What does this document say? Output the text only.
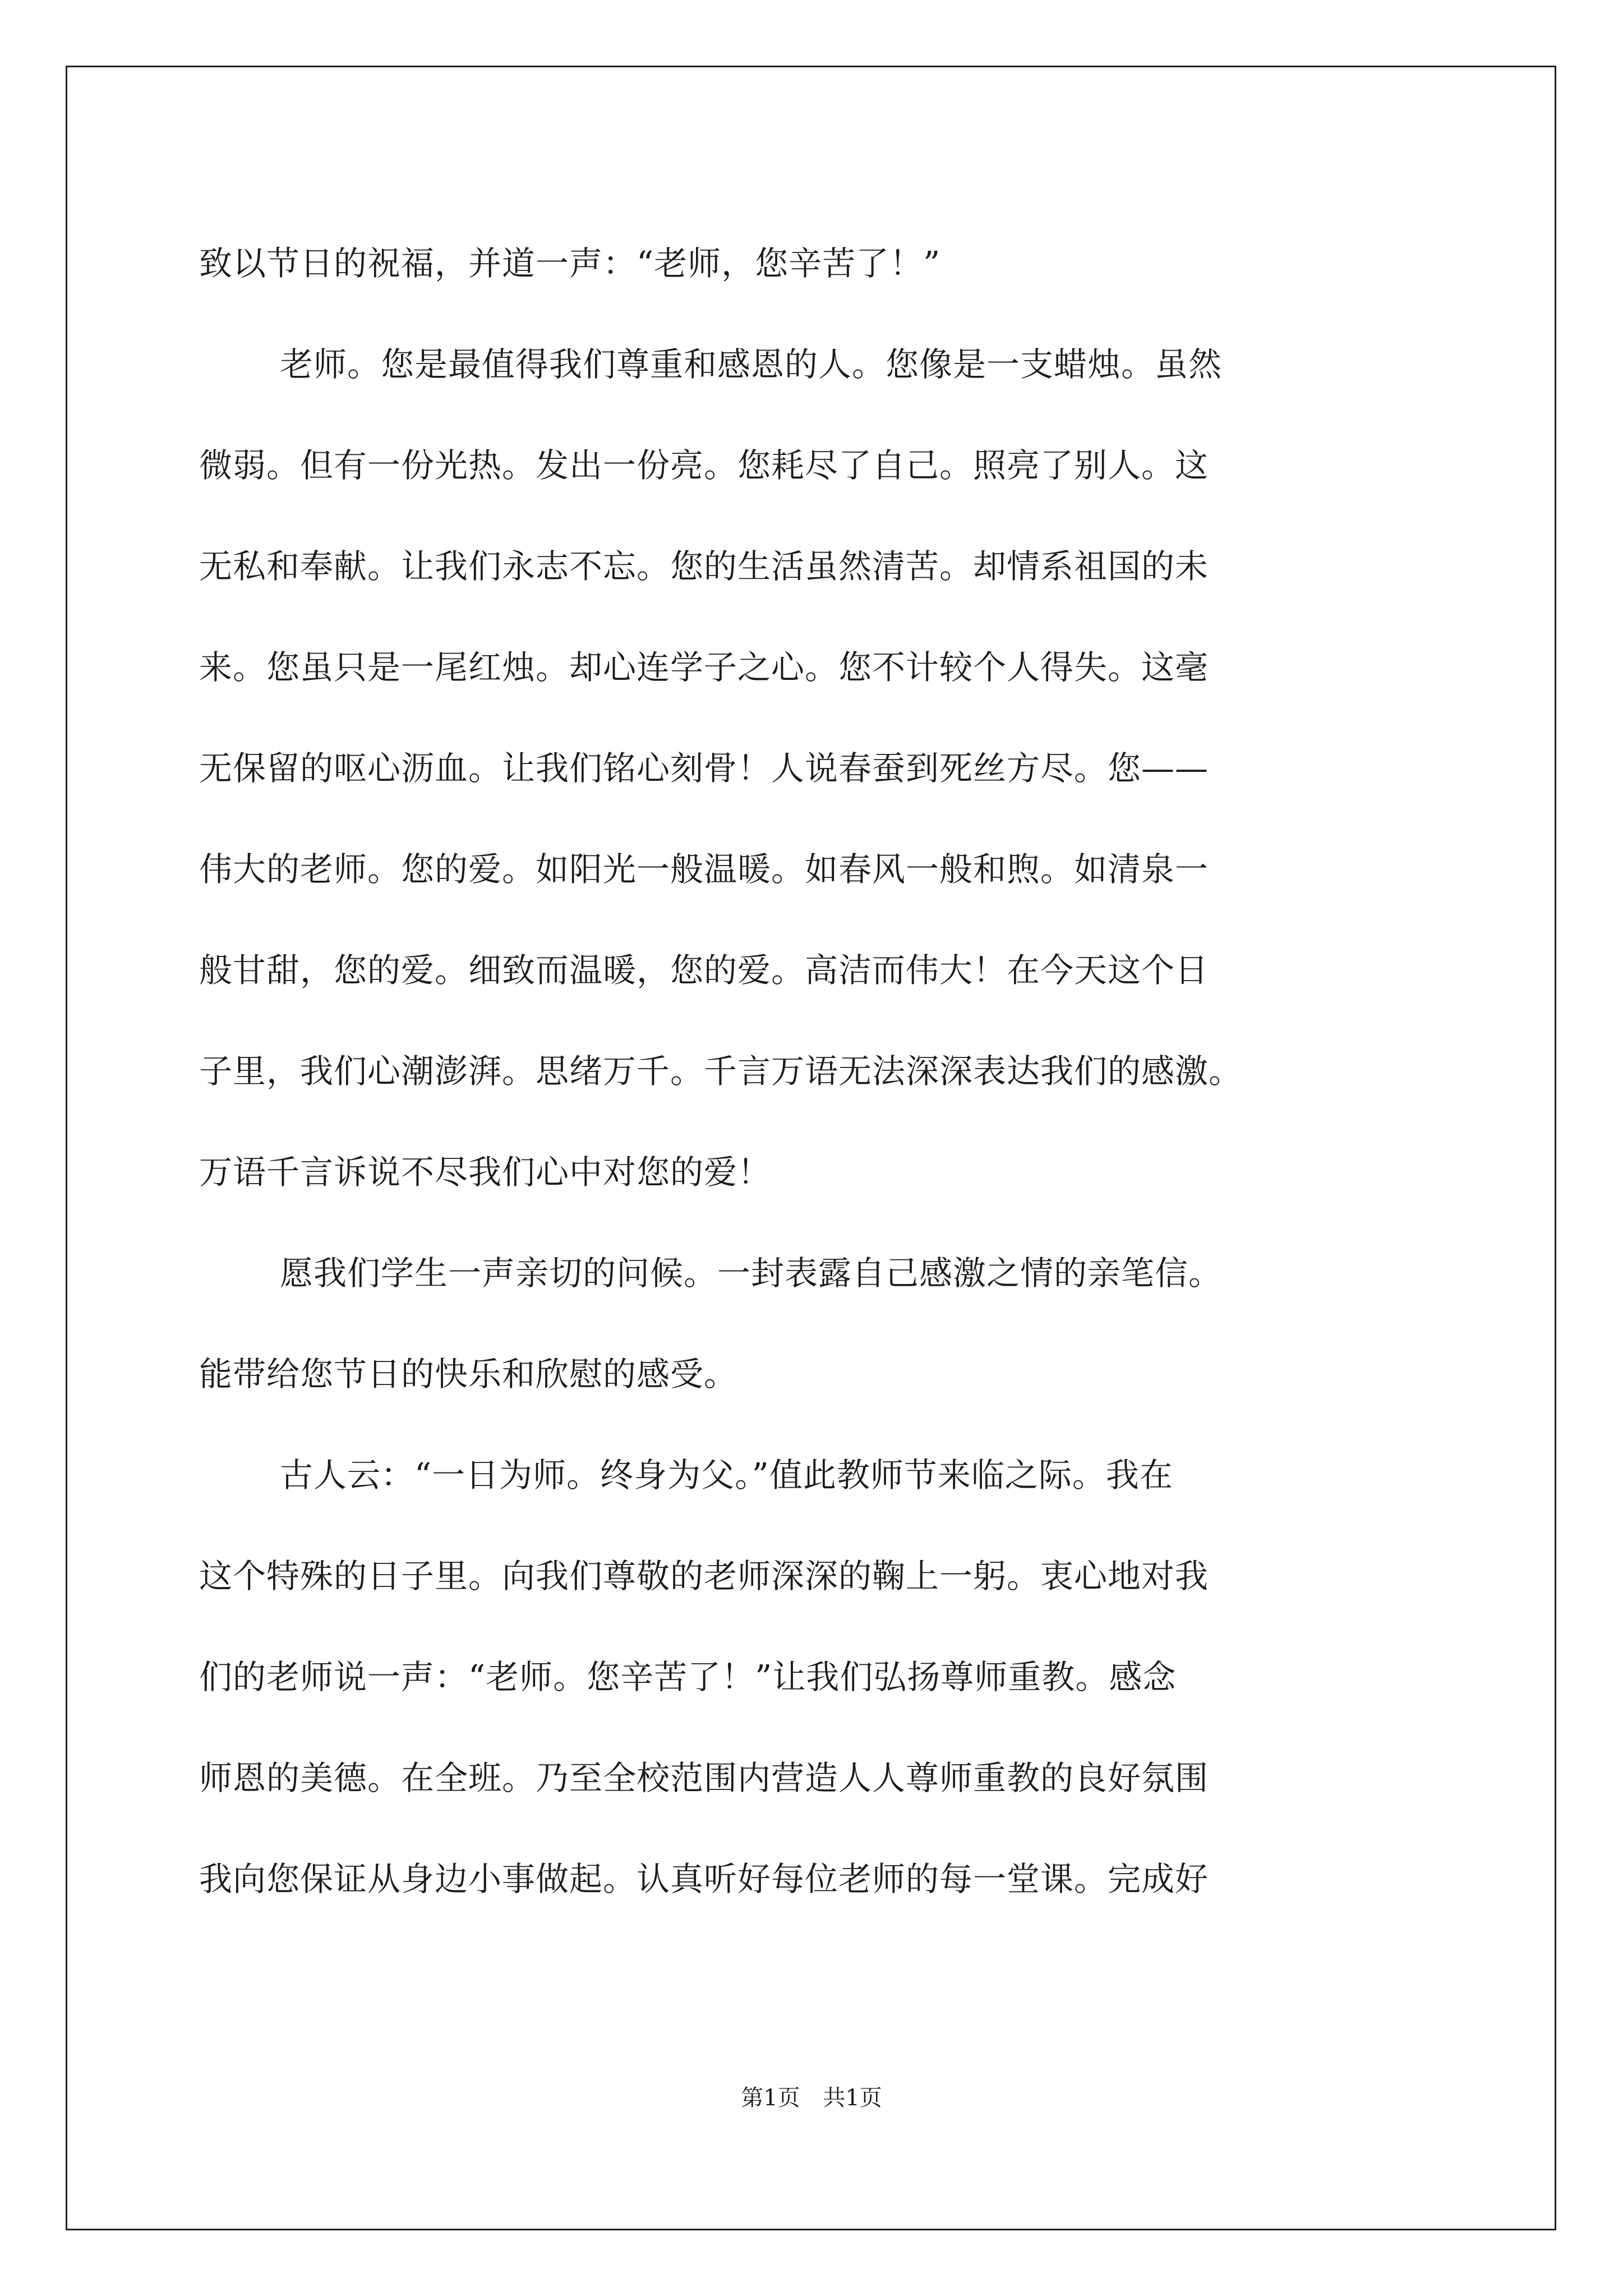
致以节日的祝福，并道一声：“老师，您辛苦了！”
老师。您是最值得我们尊重和感恩的人。您像是一支蜡烛。虽然
微弱。但有一份光热。发出一份亮。您耗尽了自己。照亮了别人。这
无私和奉献。让我们永志不忘。您的生活虽然清苦。却情系祖国的未
来。您虽只是一尾红烛。却心连学子之心。您不计较个人得失。这毫
无保留的呕心沥血。让我们铭心刻骨！人说春蚕到死丝方尽。您——
伟大的老师。您的爱。如阳光一般温暖。如春风一般和煦。如清泉一
般甘甜，您的爱。细致而温暖，您的爱。高洁而伟大！在今天这个日
子里，我们心潮澎湃。思绪万千。千言万语无法深深表达我们的感激。
万语千言诉说不尽我们心中对您的爱！
愿我们学生一声亲切的问候。一封表露自己感激之情的亲笔信。
能带给您节日的快乐和欣慰的感受。
古人云：“一日为师。终身为父。”值此教师节来临之际。我在
这个特殊的日子里。向我们尊敬的老师深深的鞠上一躬。衷心地对我
们的老师说一声：“老师。您辛苦了！”让我们弘扬尊师重教。感念
师恩的美德。在全班。乃至全校范围内营造人人尊师重教的良好氛围
我向您保证从身边小事做起。认真听好每位老师的每一堂课。完成好
第1页 共1页
